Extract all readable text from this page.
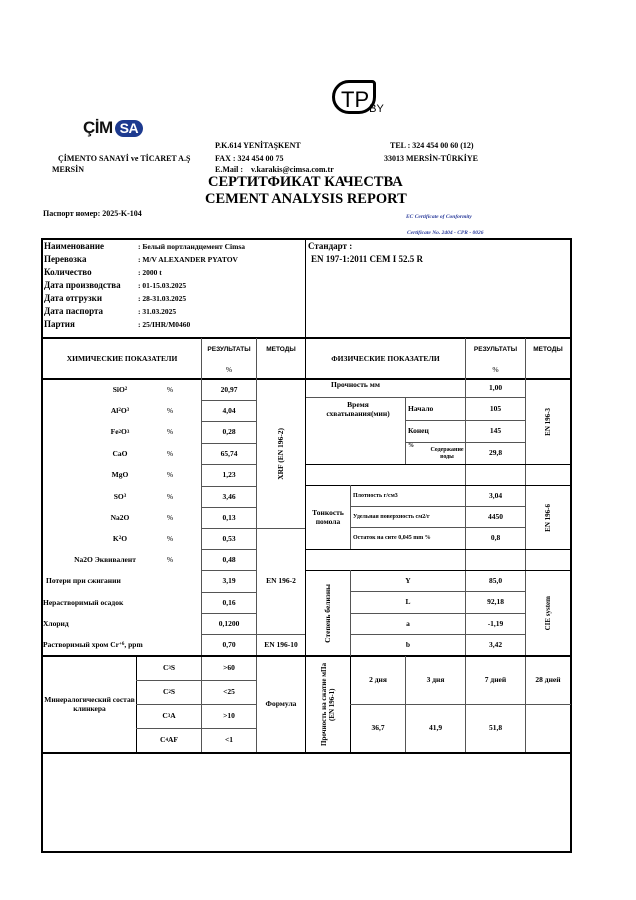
ÇİM SA
$TP_{BY}$
ÇİMENTO SANAYİ ve TİCARET A.Ş
MERSİN
P.K.614 YENİTAŞKENT
FAX : 324 454 00 75
E.Mail : v.karakis@cimsa.com.tr
TEL : 324 454 00 60 (12)
33013 MERSİN-TÜRKİYE
СЕРТИТФИКАТ КАЧЕСТВА
CEMENT ANALYSIS REPORT
Паспорт номер: 2025-K-104	EC Certificate of Conformity
Certificate No. 2404 - CPR - 0026
Наименование	: Белый портландцемент Cimsa
Перевозка	: M/V ALEXANDER PYATOV
Количество	: 2000 t
Дата производства : 01-15.03.2025
Дата отгрузки	: 28-31.03.2025
Дата паспорта	: 31.03.2025
Партия	: 25/IHR/M0460
Стандарт :
EN 197-1:2011 CEM I 52.5 R
ХИМИЧЕСКИЕ ПОКАЗАТЕЛИ
РЕЗУЛЬТАТЫ
%
МЕТОДЫ
ФИЗИЧЕСКИЕ ПОКАЗАТЕЛИ
РЕЗУЛЬТАТЫ
%
МЕТОДЫ
SiO 2	%	20,97
Al 2 O 3	%	4,04
Fe 2 O 3	%	0,28
CaO	%	65,74
MgO	%	1,23
SO 3	%	3,46
Na2O	%	0,13
K 2 O	%	0,53
Na2O Эквивалент	%	0,48
Потери при сжигании	3,19
Нерастворимый осадок	0,16
Хлорид	0,1200
Растворимый хром Cr +6 , ppm	0,70
XRF (EN 196-2)
EN 196-2
EN 196-10
Прочность мм	1,00
Время схватывания(мин)
Начало	105
Конец	145
%
Содержание воды	29,8
EN 196-3
Тонкость помола
Плотность г/см3	3,04
Удельная поверхность см2/г	4450
Остаток на сите 0,045 mm %	0,8
EN 196-6
Степень белизны
Y	85,0
L	92,18
a	-1,19
b	3,42
CIE system
Минералогический состав клинкера
C 3 S	>60
C 2 S	<25
C 3 A	>10
C 4 AF	<1
Формула	Прочность на сжатие мПа (EN 196-1)
2 дня	3 дня	7 дней	28 дней
36,7	41,9	51,8
